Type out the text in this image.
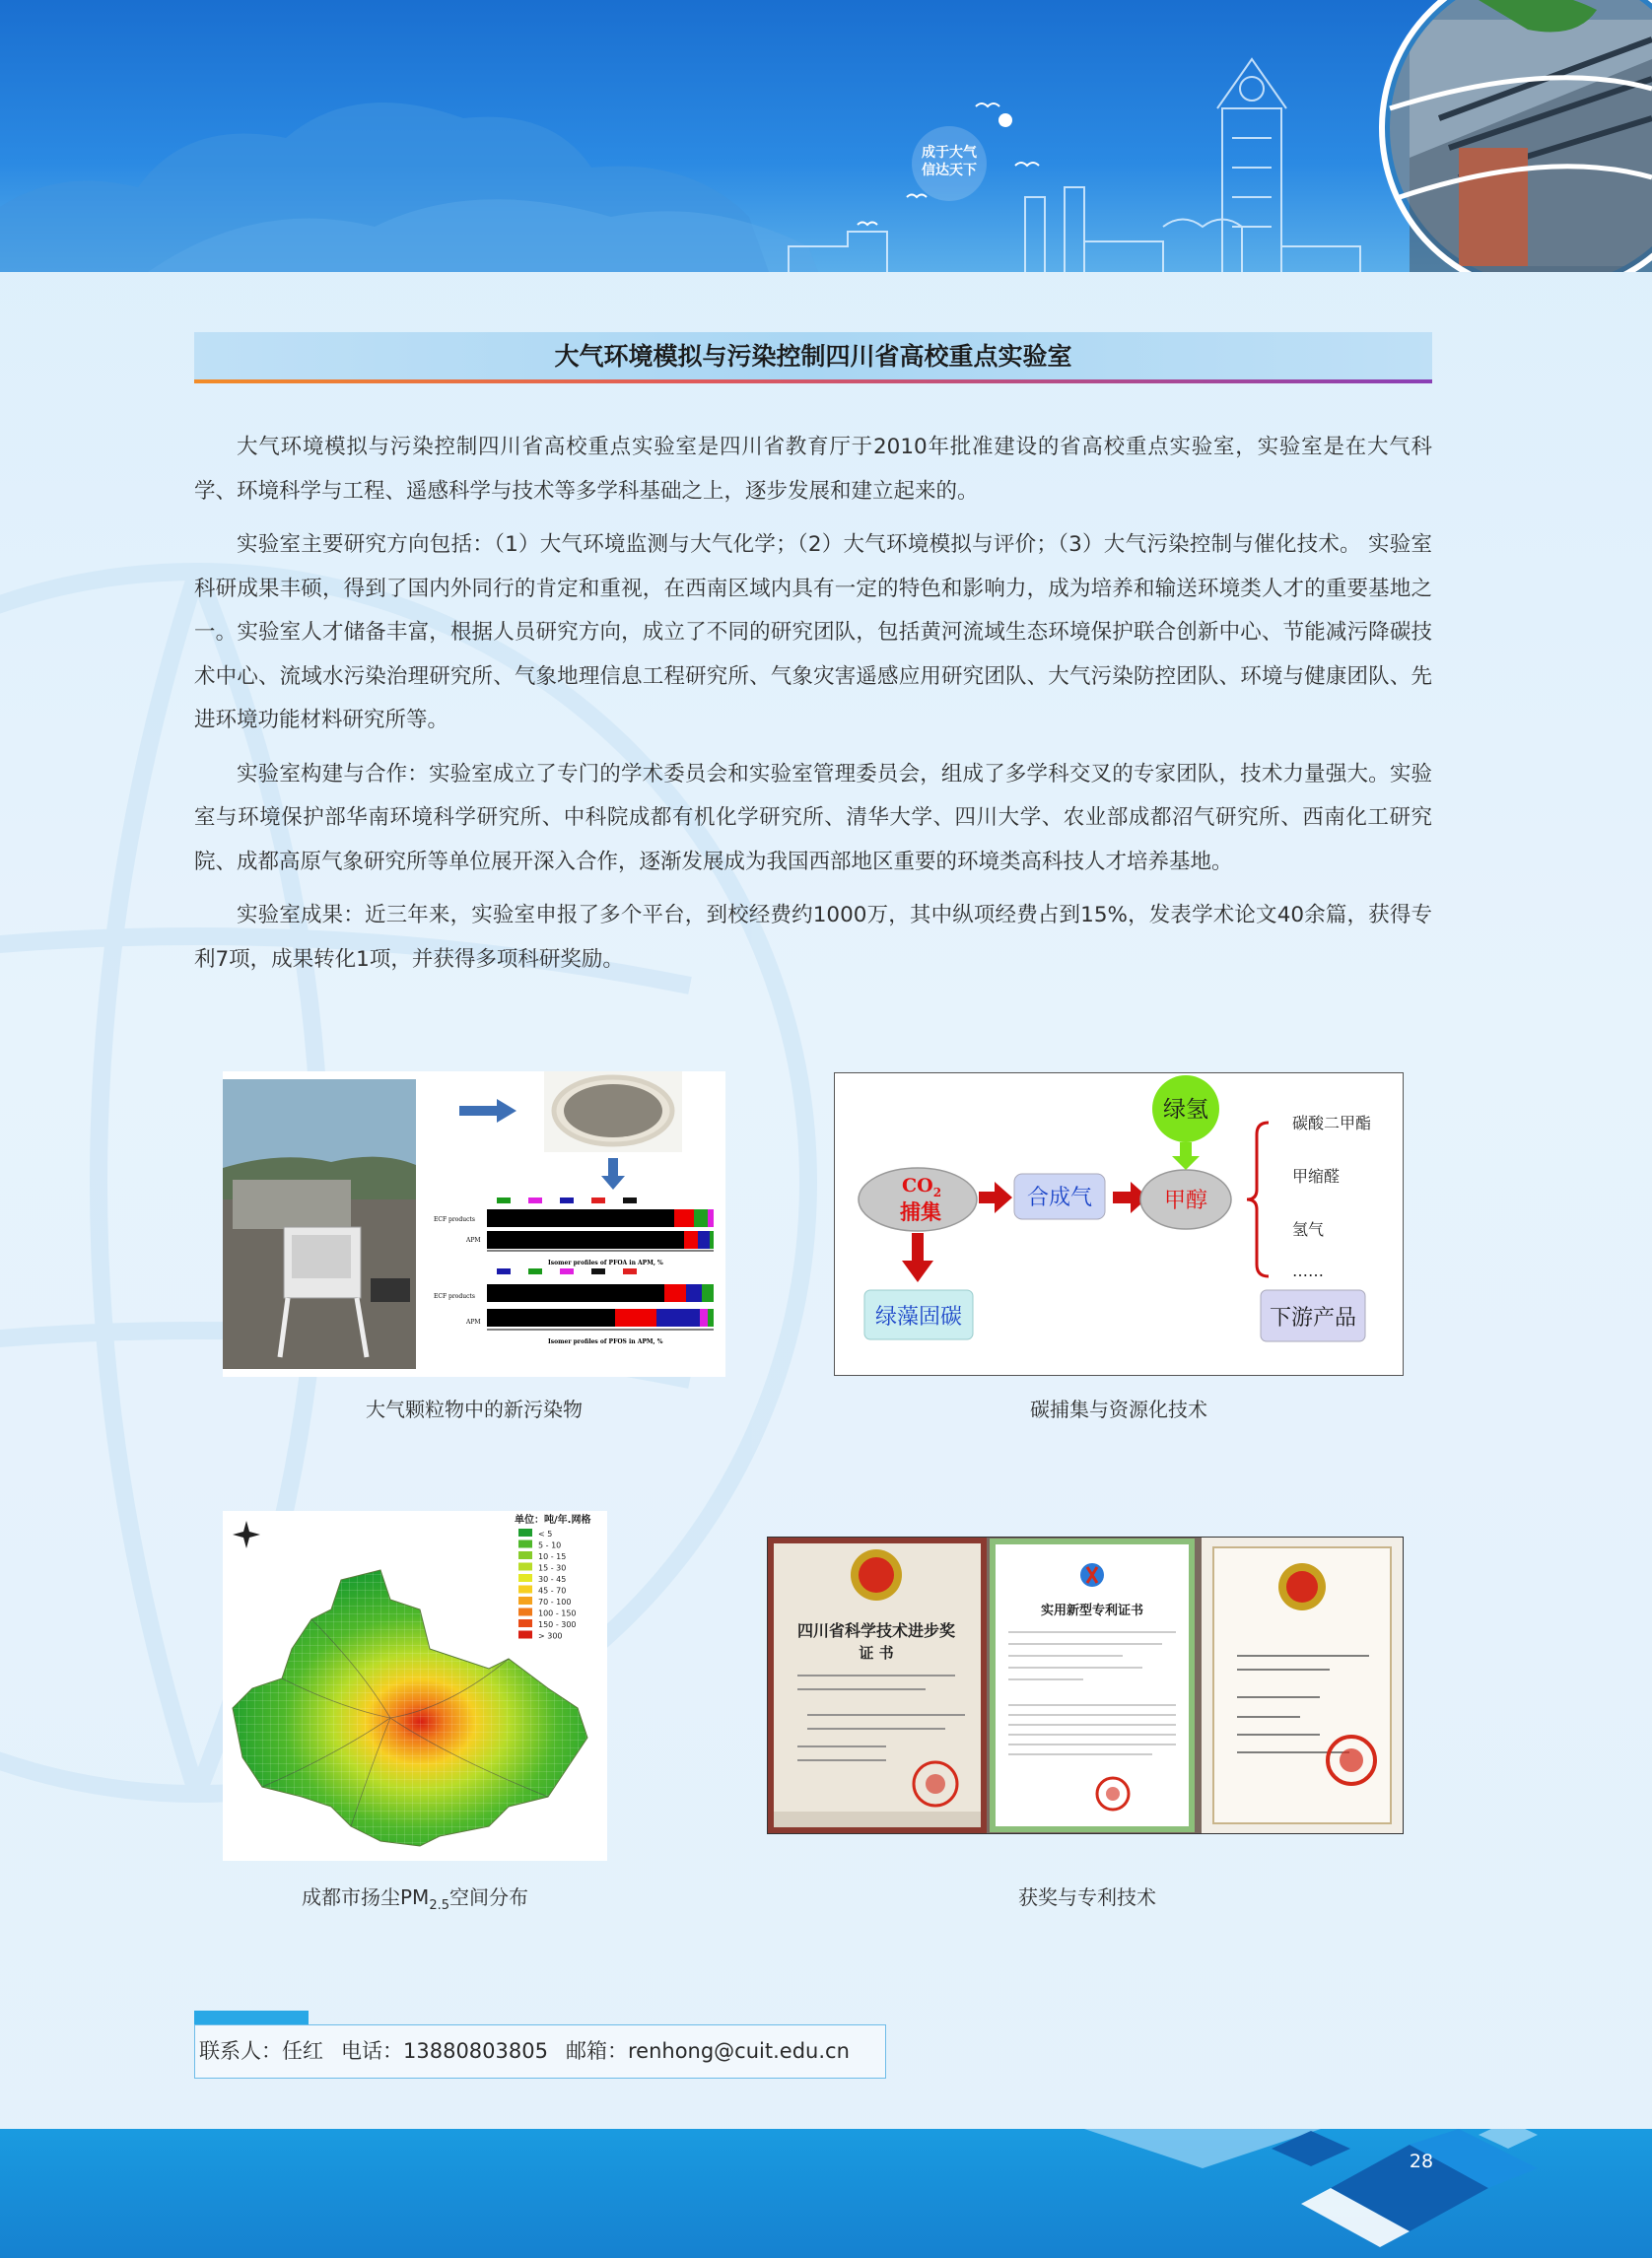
成于大气
信达天下
大气环境模拟与污染控制四川省高校重点实验室

大气环境模拟与污染控制四川省高校重点实验室是四川省教育厅于2010年批准建设的省高校重点实验室，实验室是在大气科学、环境科学与工程、遥感科学与技术等多学科基础之上，逐步发展和建立起来的。

实验室主要研究方向包括：（1）大气环境监测与大气化学；（2）大气环境模拟与评价；（3）大气污染控制与催化技术。 实验室科研成果丰硕，得到了国内外同行的肯定和重视，在西南区域内具有一定的特色和影响力，成为培养和输送环境类人才的重要基地之一。实验室人才储备丰富，根据人员研究方向，成立了不同的研究团队，包括黄河流域生态环境保护联合创新中心、节能减污降碳技术中心、流域水污染治理研究所、气象地理信息工程研究所、气象灾害遥感应用研究团队、大气污染防控团队、环境与健康团队、先进环境功能材料研究所等。

实验室构建与合作：实验室成立了专门的学术委员会和实验室管理委员会，组成了多学科交叉的专家团队，技术力量强大。实验室与环境保护部华南环境科学研究所、中科院成都有机化学研究所、清华大学、四川大学、农业部成都沼气研究所、西南化工研究院、成都高原气象研究所等单位展开深入合作，逐渐发展成为我国西部地区重要的环境类高科技人才培养基地。

实验室成果：近三年来，实验室申报了多个平台，到校经费约1000万，其中纵项经费占到15%，发表学术论文40余篇，获得专利7项，成果转化1项，并获得多项科研奖励。

ECF products
APM
Isomer profiles of PFOA in APM, %
ECF products
APM
Isomer profiles of PFOS in APM, %
大气颗粒物中的新污染物
$CO_2$
捕集
合成气	甲醇
绿氢
绿藻固碳
碳酸二甲酯
甲缩醛
氢气
……
下游产品
碳捕集与资源化技术
单位：吨/年.网格
< 5
5 - 10
10 - 15
15 - 30
30 - 45
45 - 70
70 - 100
100 - 150
150 - 300
> 300
成都市扬尘$PM_{2.5}$空间分布
四川省科学技术进步奖
证 书
实用新型专利证书
获奖与专利技术
联系人：任红 电话：13880803805 邮箱：renhong@cuit.edu.cn
28
